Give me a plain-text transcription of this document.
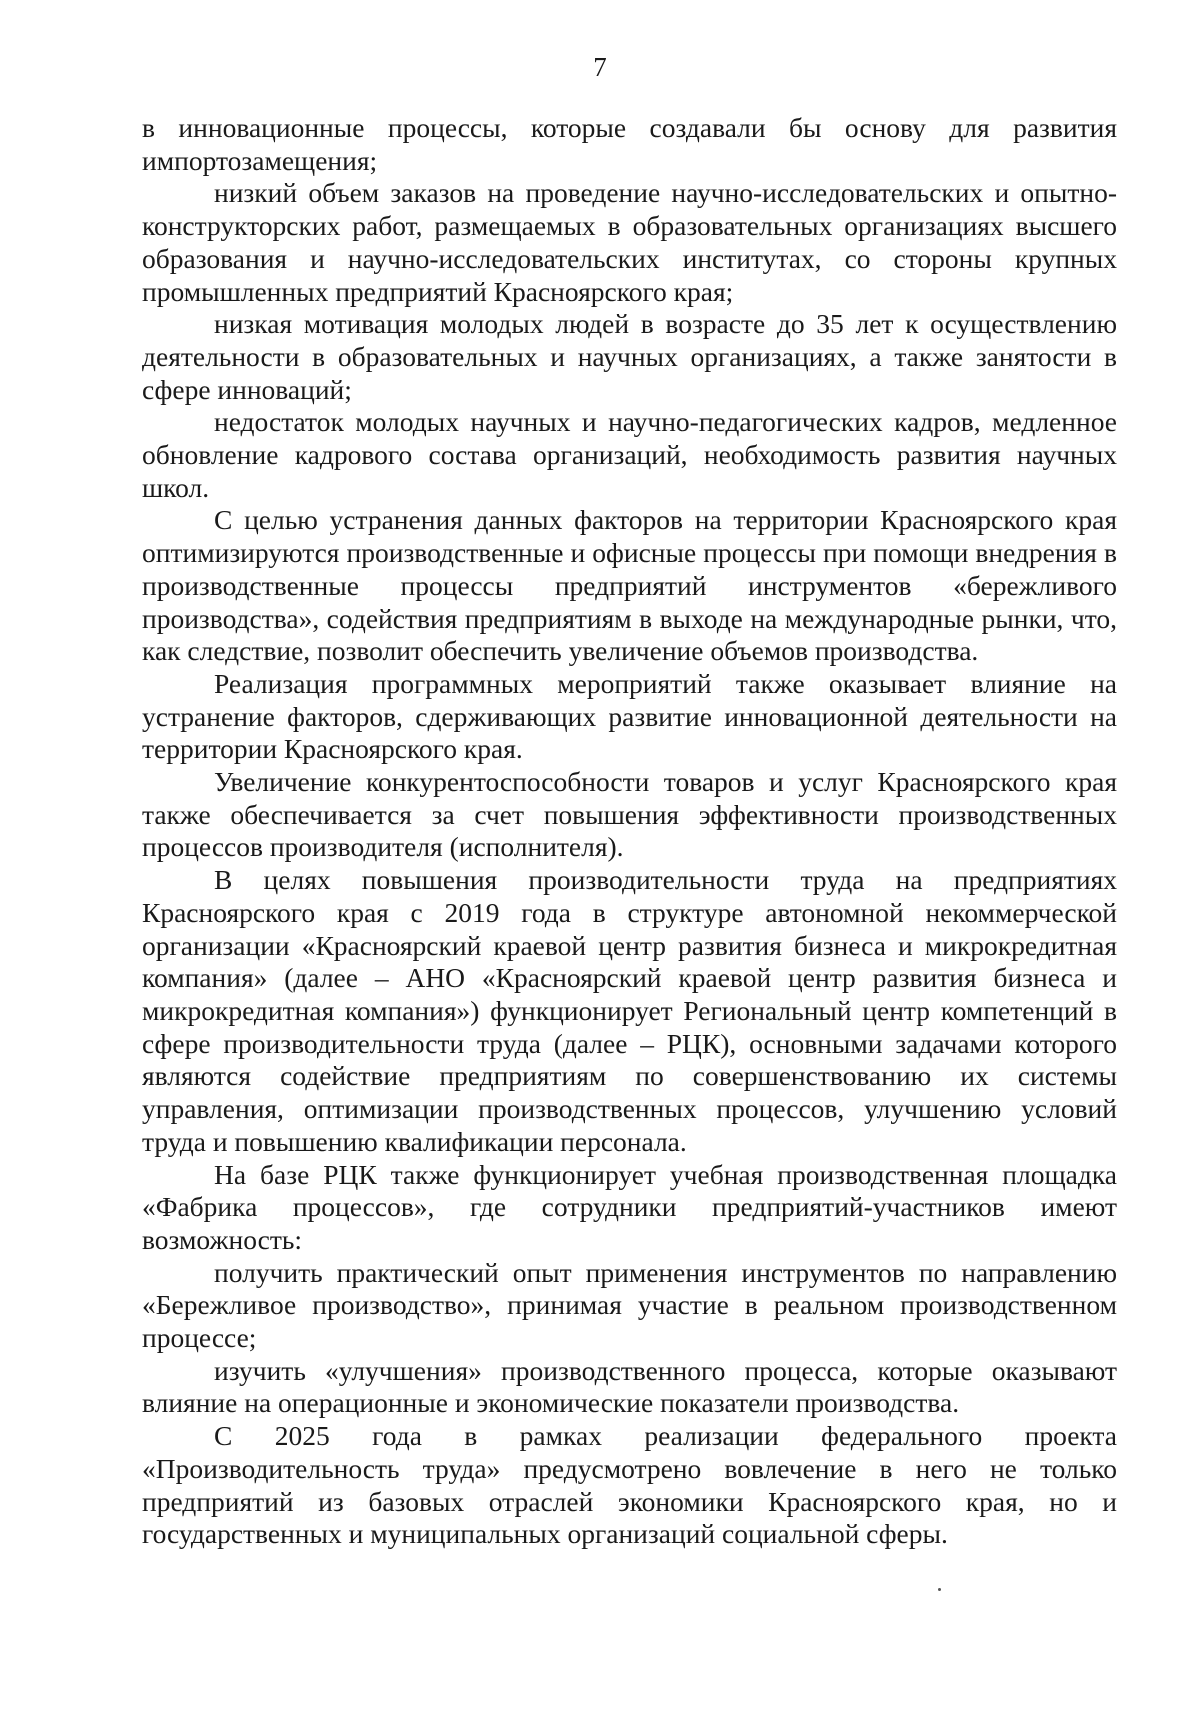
7

в инновационные процессы, которые создавали бы основу для развития импортозамещения;

низкий объем заказов на проведение научно-исследовательских и опытно-конструкторских работ, размещаемых в образовательных организациях высшего образования и научно-исследовательских институтах, со стороны крупных промышленных предприятий Красноярского края;

низкая мотивация молодых людей в возрасте до 35 лет к осуществлению деятельности в образовательных и научных организациях, а также занятости в сфере инноваций;

недостаток молодых научных и научно-педагогических кадров, медленное обновление кадрового состава организаций, необходимость развития научных школ.

С целью устранения данных факторов на территории Красноярского края оптимизируются производственные и офисные процессы при помощи внедрения в производственные процессы предприятий инструментов «бережливого производства», содействия предприятиям в выходе на международные рынки, что, как следствие, позволит обеспечить увеличение объемов производства.

Реализация программных мероприятий также оказывает влияние на устранение факторов, сдерживающих развитие инновационной деятельности на территории Красноярского края.

Увеличение конкурентоспособности товаров и услуг Красноярского края также обеспечивается за счет повышения эффективности производственных процессов производителя (исполнителя).

В целях повышения производительности труда на предприятиях Красноярского края с 2019 года в структуре автономной некоммерческой организации «Красноярский краевой центр развития бизнеса и микрокредитная компания» (далее – АНО «Красноярский краевой центр развития бизнеса и микрокредитная компания») функционирует Региональный центр компетенций в сфере производительности труда (далее – РЦК), основными задачами которого являются содействие предприятиям по совершенствованию их системы управления, оптимизации производственных процессов, улучшению условий труда и повышению квалификации персонала.

На базе РЦК также функционирует учебная производственная площадка «Фабрика процессов», где сотрудники предприятий-участников имеют возможность:

получить практический опыт применения инструментов по направлению «Бережливое производство», принимая участие в реальном производственном процессе;

изучить «улучшения» производственного процесса, которые оказывают влияние на операционные и экономические показатели производства.

С 2025 года в рамках реализации федерального проекта «Производительность труда» предусмотрено вовлечение в него не только предприятий из базовых отраслей экономики Красноярского края, но и государственных и муниципальных организаций социальной сферы.
